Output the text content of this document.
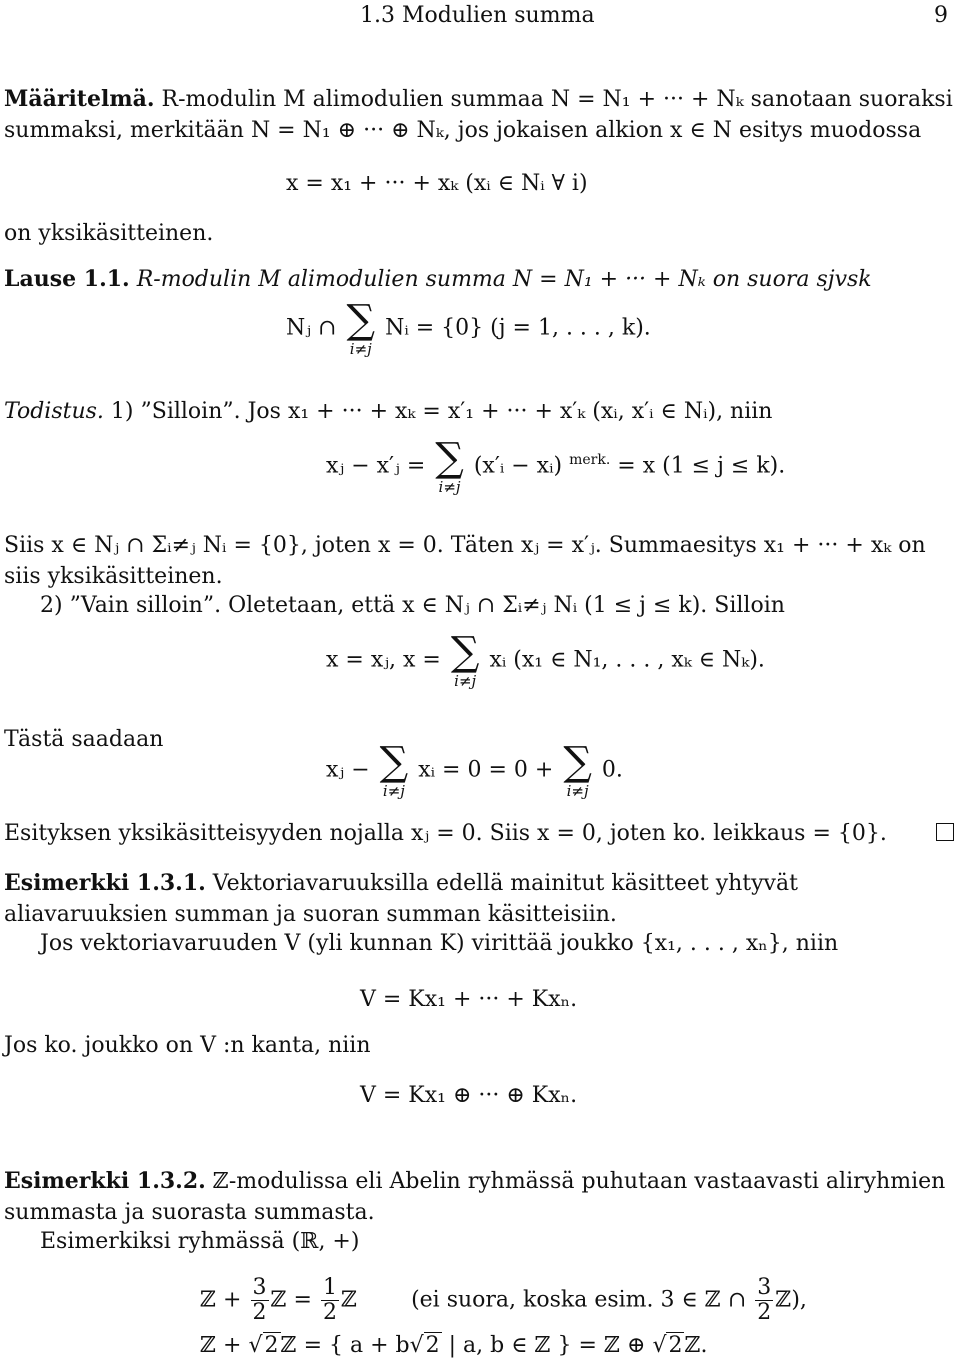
1.3 Modulien summa	9

Määritelmä. R-modulin M alimodulien summaa N = N₁ + ··· + Nₖ sanotaan suoraksi summaksi, merkitään N = N₁ ⊕ ··· ⊕ Nₖ, jos jokaisen alkion x ∈ N esitys muodossa

x = x₁ + ··· + xₖ (xᵢ ∈ Nᵢ ∀ i)

on yksikäsitteinen.

Lause 1.1. R-modulin M alimodulien summa N = N₁ + ··· + Nₖ on suora sjvsk

Nⱼ ∩ ∑
i≠j
Nᵢ = {0} (j = 1, . . . , k).

Todistus. 1) ”Silloin”. Jos x₁ + ··· + xₖ = x′₁ + ··· + x′ₖ (xᵢ, x′ᵢ ∈ Nᵢ), niin

xⱼ − x′ⱼ = ∑
i≠j
(x′ᵢ − xᵢ) $^{merk.}$ = x (1 ≤ j ≤ k).

Siis x ∈ Nⱼ ∩ Σᵢ≠ⱼ Nᵢ = {0}, joten x = 0. Täten xⱼ = x′ⱼ. Summaesitys x₁ + ··· + xₖ on siis yksikäsitteinen.

2) ”Vain silloin”. Oletetaan, että x ∈ Nⱼ ∩ Σᵢ≠ⱼ Nᵢ (1 ≤ j ≤ k). Silloin

x = xⱼ, x = ∑
i≠j
xᵢ (x₁ ∈ N₁, . . . , xₖ ∈ Nₖ).

Tästä saadaan

xⱼ − ∑
i≠j
xᵢ = 0 = 0 + ∑
i≠j
0.

Esityksen yksikäsitteisyyden nojalla xⱼ = 0. Siis x = 0, joten ko. leikkaus = {0}.

Esimerkki 1.3.1. Vektoriavaruuksilla edellä mainitut käsitteet yhtyvät aliavaruuksien summan ja suoran summan käsitteisiin.

Jos vektoriavaruuden V (yli kunnan K) virittää joukko {x₁, . . . , xₙ}, niin

V = Kx₁ + ··· + Kxₙ.

Jos ko. joukko on V :n kanta, niin

V = Kx₁ ⊕ ··· ⊕ Kxₙ.

Esimerkki 1.3.2. ℤ-modulissa eli Abelin ryhmässä puhutaan vastaavasti aliryhmien summasta ja suorasta summasta.

Esimerkiksi ryhmässä (ℝ, +)

ℤ + $\frac{3}{2}$ ℤ = $\frac{1}{2}$ ℤ (ei suora, koska esim. 3 ∈ ℤ ∩ $\frac{3}{2}$ ℤ),
ℤ + √2ℤ = { a + b√2 | a, b ∈ ℤ } = ℤ ⊕ √2ℤ.
